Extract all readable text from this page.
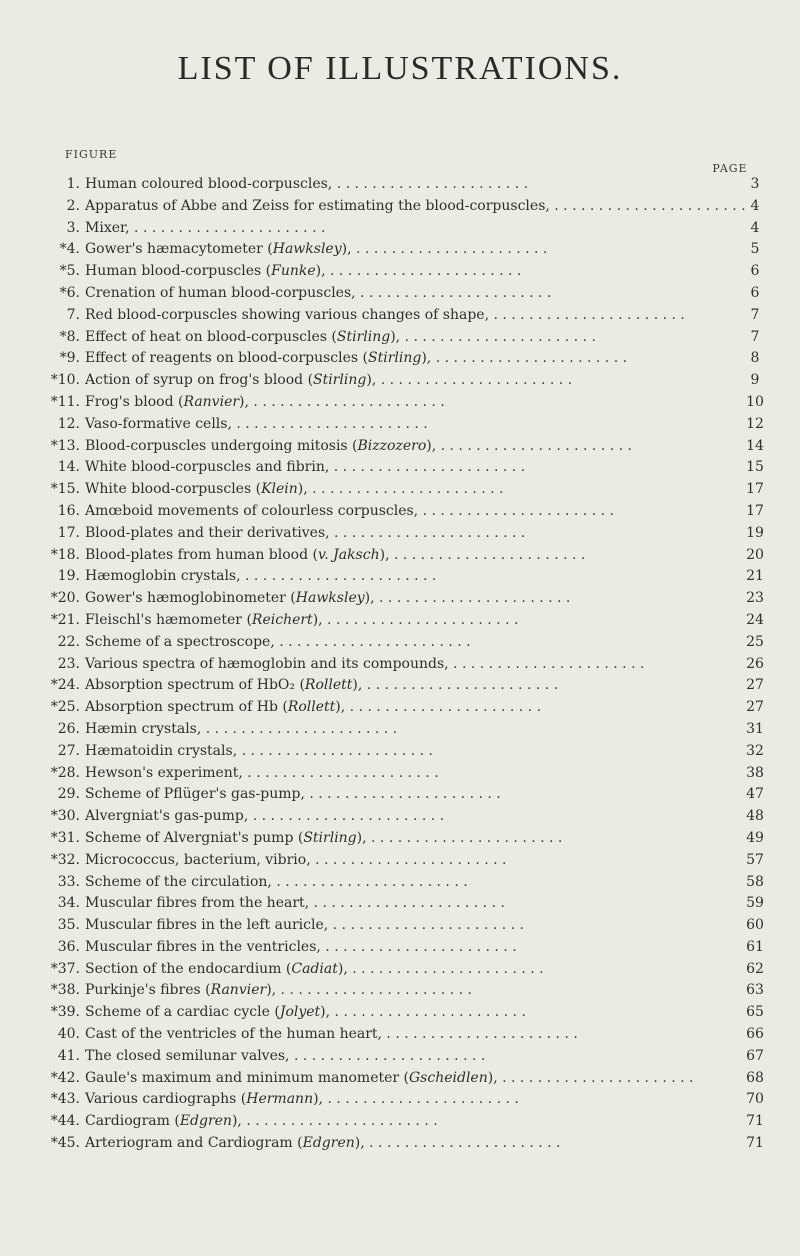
LIST OF ILLUSTRATIONS.
FIGURE
PAGE
1. Human coloured blood-corpuscles, . . . . . . . . . . . . . . . . . . . . . .	3
2. Apparatus of Abbe and Zeiss for estimating the blood-corpuscles, . . . . . . . . . . . . . . . . . . . . . . 4
3. Mixer, . . . . . . . . . . . . . . . . . . . . . .	4
*4. Gower's hæmacytometer (Hawksley), . . . . . . . . . . . . . . . . . . . . . .	5
*5. Human blood-corpuscles (Funke), . . . . . . . . . . . . . . . . . . . . . .	6
*6. Crenation of human blood-corpuscles, . . . . . . . . . . . . . . . . . . . . . .	6
7. Red blood-corpuscles showing various changes of shape, . . . . . . . . . . . . . . . . . . . . . .	7
*8. Effect of heat on blood-corpuscles (Stirling), . . . . . . . . . . . . . . . . . . . . . .	7
*9. Effect of reagents on blood-corpuscles (Stirling), . . . . . . . . . . . . . . . . . . . . . .	8
*10. Action of syrup on frog's blood (Stirling), . . . . . . . . . . . . . . . . . . . . . .	9
*11. Frog's blood (Ranvier), . . . . . . . . . . . . . . . . . . . . . .	10
12. Vaso-formative cells, . . . . . . . . . . . . . . . . . . . . . .	12
*13. Blood-corpuscles undergoing mitosis (Bizzozero), . . . . . . . . . . . . . . . . . . . . . .	14
14. White blood-corpuscles and fibrin, . . . . . . . . . . . . . . . . . . . . . .	15
*15. White blood-corpuscles (Klein), . . . . . . . . . . . . . . . . . . . . . .	17
16. Amœboid movements of colourless corpuscles, . . . . . . . . . . . . . . . . . . . . . .	17
17. Blood-plates and their derivatives, . . . . . . . . . . . . . . . . . . . . . .	19
*18. Blood-plates from human blood (v. Jaksch), . . . . . . . . . . . . . . . . . . . . . .	20
19. Hæmoglobin crystals, . . . . . . . . . . . . . . . . . . . . . .	21
*20. Gower's hæmoglobinometer (Hawksley), . . . . . . . . . . . . . . . . . . . . . .	23
*21. Fleischl's hæmometer (Reichert), . . . . . . . . . . . . . . . . . . . . . .	24
22. Scheme of a spectroscope, . . . . . . . . . . . . . . . . . . . . . .	25
23. Various spectra of hæmoglobin and its compounds, . . . . . . . . . . . . . . . . . . . . . .	26
*24. Absorption spectrum of HbO₂ (Rollett), . . . . . . . . . . . . . . . . . . . . . .	27
*25. Absorption spectrum of Hb (Rollett), . . . . . . . . . . . . . . . . . . . . . .	27
26. Hæmin crystals, . . . . . . . . . . . . . . . . . . . . . .	31
27. Hæmatoidin crystals, . . . . . . . . . . . . . . . . . . . . . .	32
*28. Hewson's experiment, . . . . . . . . . . . . . . . . . . . . . .	38
29. Scheme of Pflüger's gas-pump, . . . . . . . . . . . . . . . . . . . . . .	47
*30. Alvergniat's gas-pump, . . . . . . . . . . . . . . . . . . . . . .	48
*31. Scheme of Alvergniat's pump (Stirling), . . . . . . . . . . . . . . . . . . . . . .	49
*32. Micrococcus, bacterium, vibrio, . . . . . . . . . . . . . . . . . . . . . .	57
33. Scheme of the circulation, . . . . . . . . . . . . . . . . . . . . . .	58
34. Muscular fibres from the heart, . . . . . . . . . . . . . . . . . . . . . .	59
35. Muscular fibres in the left auricle, . . . . . . . . . . . . . . . . . . . . . .	60
36. Muscular fibres in the ventricles, . . . . . . . . . . . . . . . . . . . . . .	61
*37. Section of the endocardium (Cadiat), . . . . . . . . . . . . . . . . . . . . . .	62
*38. Purkinje's fibres (Ranvier), . . . . . . . . . . . . . . . . . . . . . .	63
*39. Scheme of a cardiac cycle (Jolyet), . . . . . . . . . . . . . . . . . . . . . .	65
40. Cast of the ventricles of the human heart, . . . . . . . . . . . . . . . . . . . . . .	66
41. The closed semilunar valves, . . . . . . . . . . . . . . . . . . . . . .	67
*42. Gaule's maximum and minimum manometer (Gscheidlen), . . . . . . . . . . . . . . . . . . . . . .	68
*43. Various cardiographs (Hermann), . . . . . . . . . . . . . . . . . . . . . .	70
*44. Cardiogram (Edgren), . . . . . . . . . . . . . . . . . . . . . .	71
*45. Arteriogram and Cardiogram (Edgren), . . . . . . . . . . . . . . . . . . . . . .	71
